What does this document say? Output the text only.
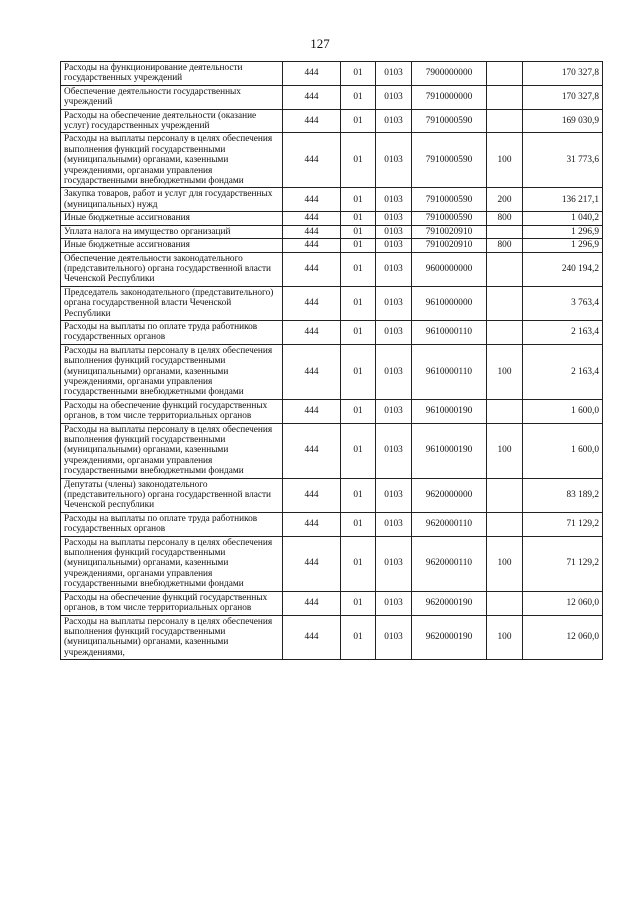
127
Расходы на функционирование деятельности государственных учреждений	444	01	0103	7900000000		170 327,8
Обеспечение деятельности государственных учреждений	444	01	0103	7910000000		170 327,8
Расходы на обеспечение деятельности (оказание услуг) государственных учреждений	444	01	0103	7910000590		169 030,9
Расходы на выплаты персоналу в целях обеспечения выполнения функций государственными (муниципальными) органами, казенными учреждениями, органами управления государственными внебюджетными фондами	444	01	0103	7910000590	100	31 773,6
Закупка товаров, работ и услуг для государственных (муниципальных) нужд	444	01	0103	7910000590	200	136 217,1
Иные бюджетные ассигнования	444	01	0103	7910000590	800	1 040,2
Уплата налога на имущество организаций	444	01	0103	7910020910		1 296,9
Иные бюджетные ассигнования	444	01	0103	7910020910	800	1 296,9
Обеспечение деятельности законодательного (представительного) органа государственной власти Чеченской Республики	444	01	0103	9600000000		240 194,2
Председатель законодательного (представительного) органа государственной власти Чеченской Республики	444	01	0103	9610000000		3 763,4
Расходы на выплаты по оплате труда работников государственных органов	444	01	0103	9610000110		2 163,4
Расходы на выплаты персоналу в целях обеспечения выполнения функций государственными (муниципальными) органами, казенными учреждениями, органами управления государственными внебюджетными фондами	444	01	0103	9610000110	100	2 163,4
Расходы на обеспечение функций государственных органов, в том числе территориальных органов	444	01	0103	9610000190		1 600,0
Расходы на выплаты персоналу в целях обеспечения выполнения функций государственными (муниципальными) органами, казенными учреждениями, органами управления государственными внебюджетными фондами	444	01	0103	9610000190	100	1 600,0
Депутаты (члены) законодательного (представительного) органа государственной власти Чеченской республики	444	01	0103	9620000000		83 189,2
Расходы на выплаты по оплате труда работников государственных органов	444	01	0103	9620000110		71 129,2
Расходы на выплаты персоналу в целях обеспечения выполнения функций государственными (муниципальными) органами, казенными учреждениями, органами управления государственными внебюджетными фондами	444	01	0103	9620000110	100	71 129,2
Расходы на обеспечение функций государственных органов, в том числе территориальных органов	444	01	0103	9620000190		12 060,0
Расходы на выплаты персоналу в целях обеспечения выполнения функций государственными (муниципальными) органами, казенными учреждениями,	444	01	0103	9620000190	100	12 060,0
